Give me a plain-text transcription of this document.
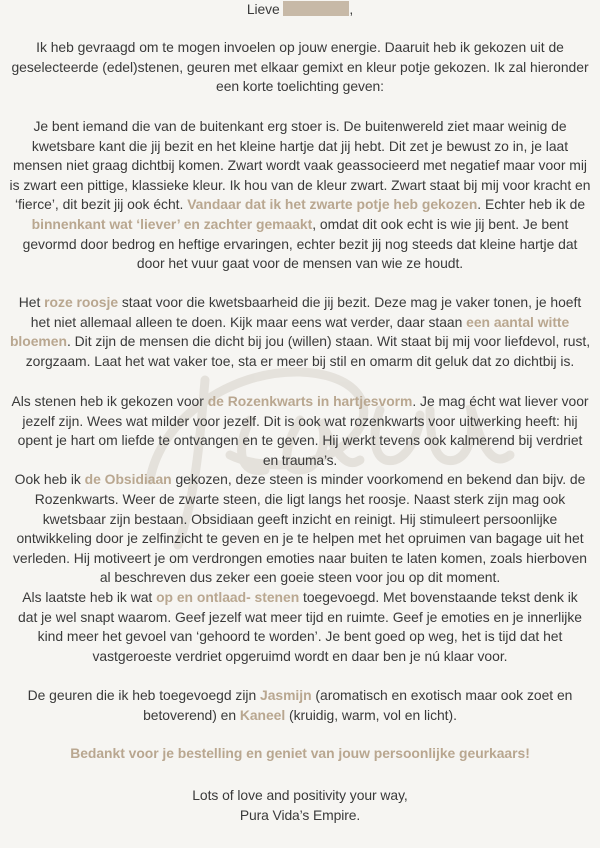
Lieve	,

Ik heb gevraagd om te mogen invoelen op jouw energie. Daaruit heb ik gekozen uit de

geselecteerde (edel)stenen, geuren met elkaar gemixt en kleur potje gekozen. Ik zal hieronder

een korte toelichting geven:

Je bent iemand die van de buitenkant erg stoer is. De buitenwereld ziet maar weinig de

kwetsbare kant die jij bezit en het kleine hartje dat jij hebt. Dit zet je bewust zo in, je laat

mensen niet graag dichtbij komen. Zwart wordt vaak geassocieerd met negatief maar voor mij

is zwart een pittige, klassieke kleur. Ik hou van de kleur zwart. Zwart staat bij mij voor kracht en

‘fierce’, dit bezit jij ook écht. Vandaar dat ik het zwarte potje heb gekozen. Echter heb ik de

binnenkant wat ‘liever’ en zachter gemaakt, omdat dit ook echt is wie jij bent. Je bent

gevormd door bedrog en heftige ervaringen, echter bezit jij nog steeds dat kleine hartje dat

door het vuur gaat voor de mensen van wie ze houdt.

Het roze roosje staat voor die kwetsbaarheid die jij bezit. Deze mag je vaker tonen, je hoeft

het niet allemaal alleen te doen. Kijk maar eens wat verder, daar staan een aantal witte

bloemen. Dit zijn de mensen die dicht bij jou (willen) staan. Wit staat bij mij voor liefdevol, rust,

zorgzaam. Laat het wat vaker toe, sta er meer bij stil en omarm dit geluk dat zo dichtbij is.

Als stenen heb ik gekozen voor de Rozenkwarts in hartjesvorm. Je mag écht wat liever voor

jezelf zijn. Wees wat milder voor jezelf. Dit is ook wat rozenkwarts voor uitwerking heeft: hij

opent je hart om liefde te ontvangen en te geven. Hij werkt tevens ook kalmerend bij verdriet

en trauma’s.

Ook heb ik de Obsidiaan gekozen, deze steen is minder voorkomend en bekend dan bijv. de

Rozenkwarts. Weer de zwarte steen, die ligt langs het roosje. Naast sterk zijn mag ook

kwetsbaar zijn bestaan. Obsidiaan geeft inzicht en reinigt. Hij stimuleert persoonlijke

ontwikkeling door je zelfinzicht te geven en je te helpen met het opruimen van bagage uit het

verleden. Hij motiveert je om verdrongen emoties naar buiten te laten komen, zoals hierboven

al beschreven dus zeker een goeie steen voor jou op dit moment.

Als laatste heb ik wat op en ontlaad- stenen toegevoegd. Met bovenstaande tekst denk ik

dat je wel snapt waarom. Geef jezelf wat meer tijd en ruimte. Geef je emoties en je innerlijke

kind meer het gevoel van ‘gehoord te worden’. Je bent goed op weg, het is tijd dat het

vastgeroeste verdriet opgeruimd wordt en daar ben je nú klaar voor.

De geuren die ik heb toegevoegd zijn Jasmijn (aromatisch en exotisch maar ook zoet en

betoverend) en Kaneel (kruidig, warm, vol en licht).

Bedankt voor je bestelling en geniet van jouw persoonlijke geurkaars!

Lots of love and positivity your way,

Pura Vida’s Empire.
